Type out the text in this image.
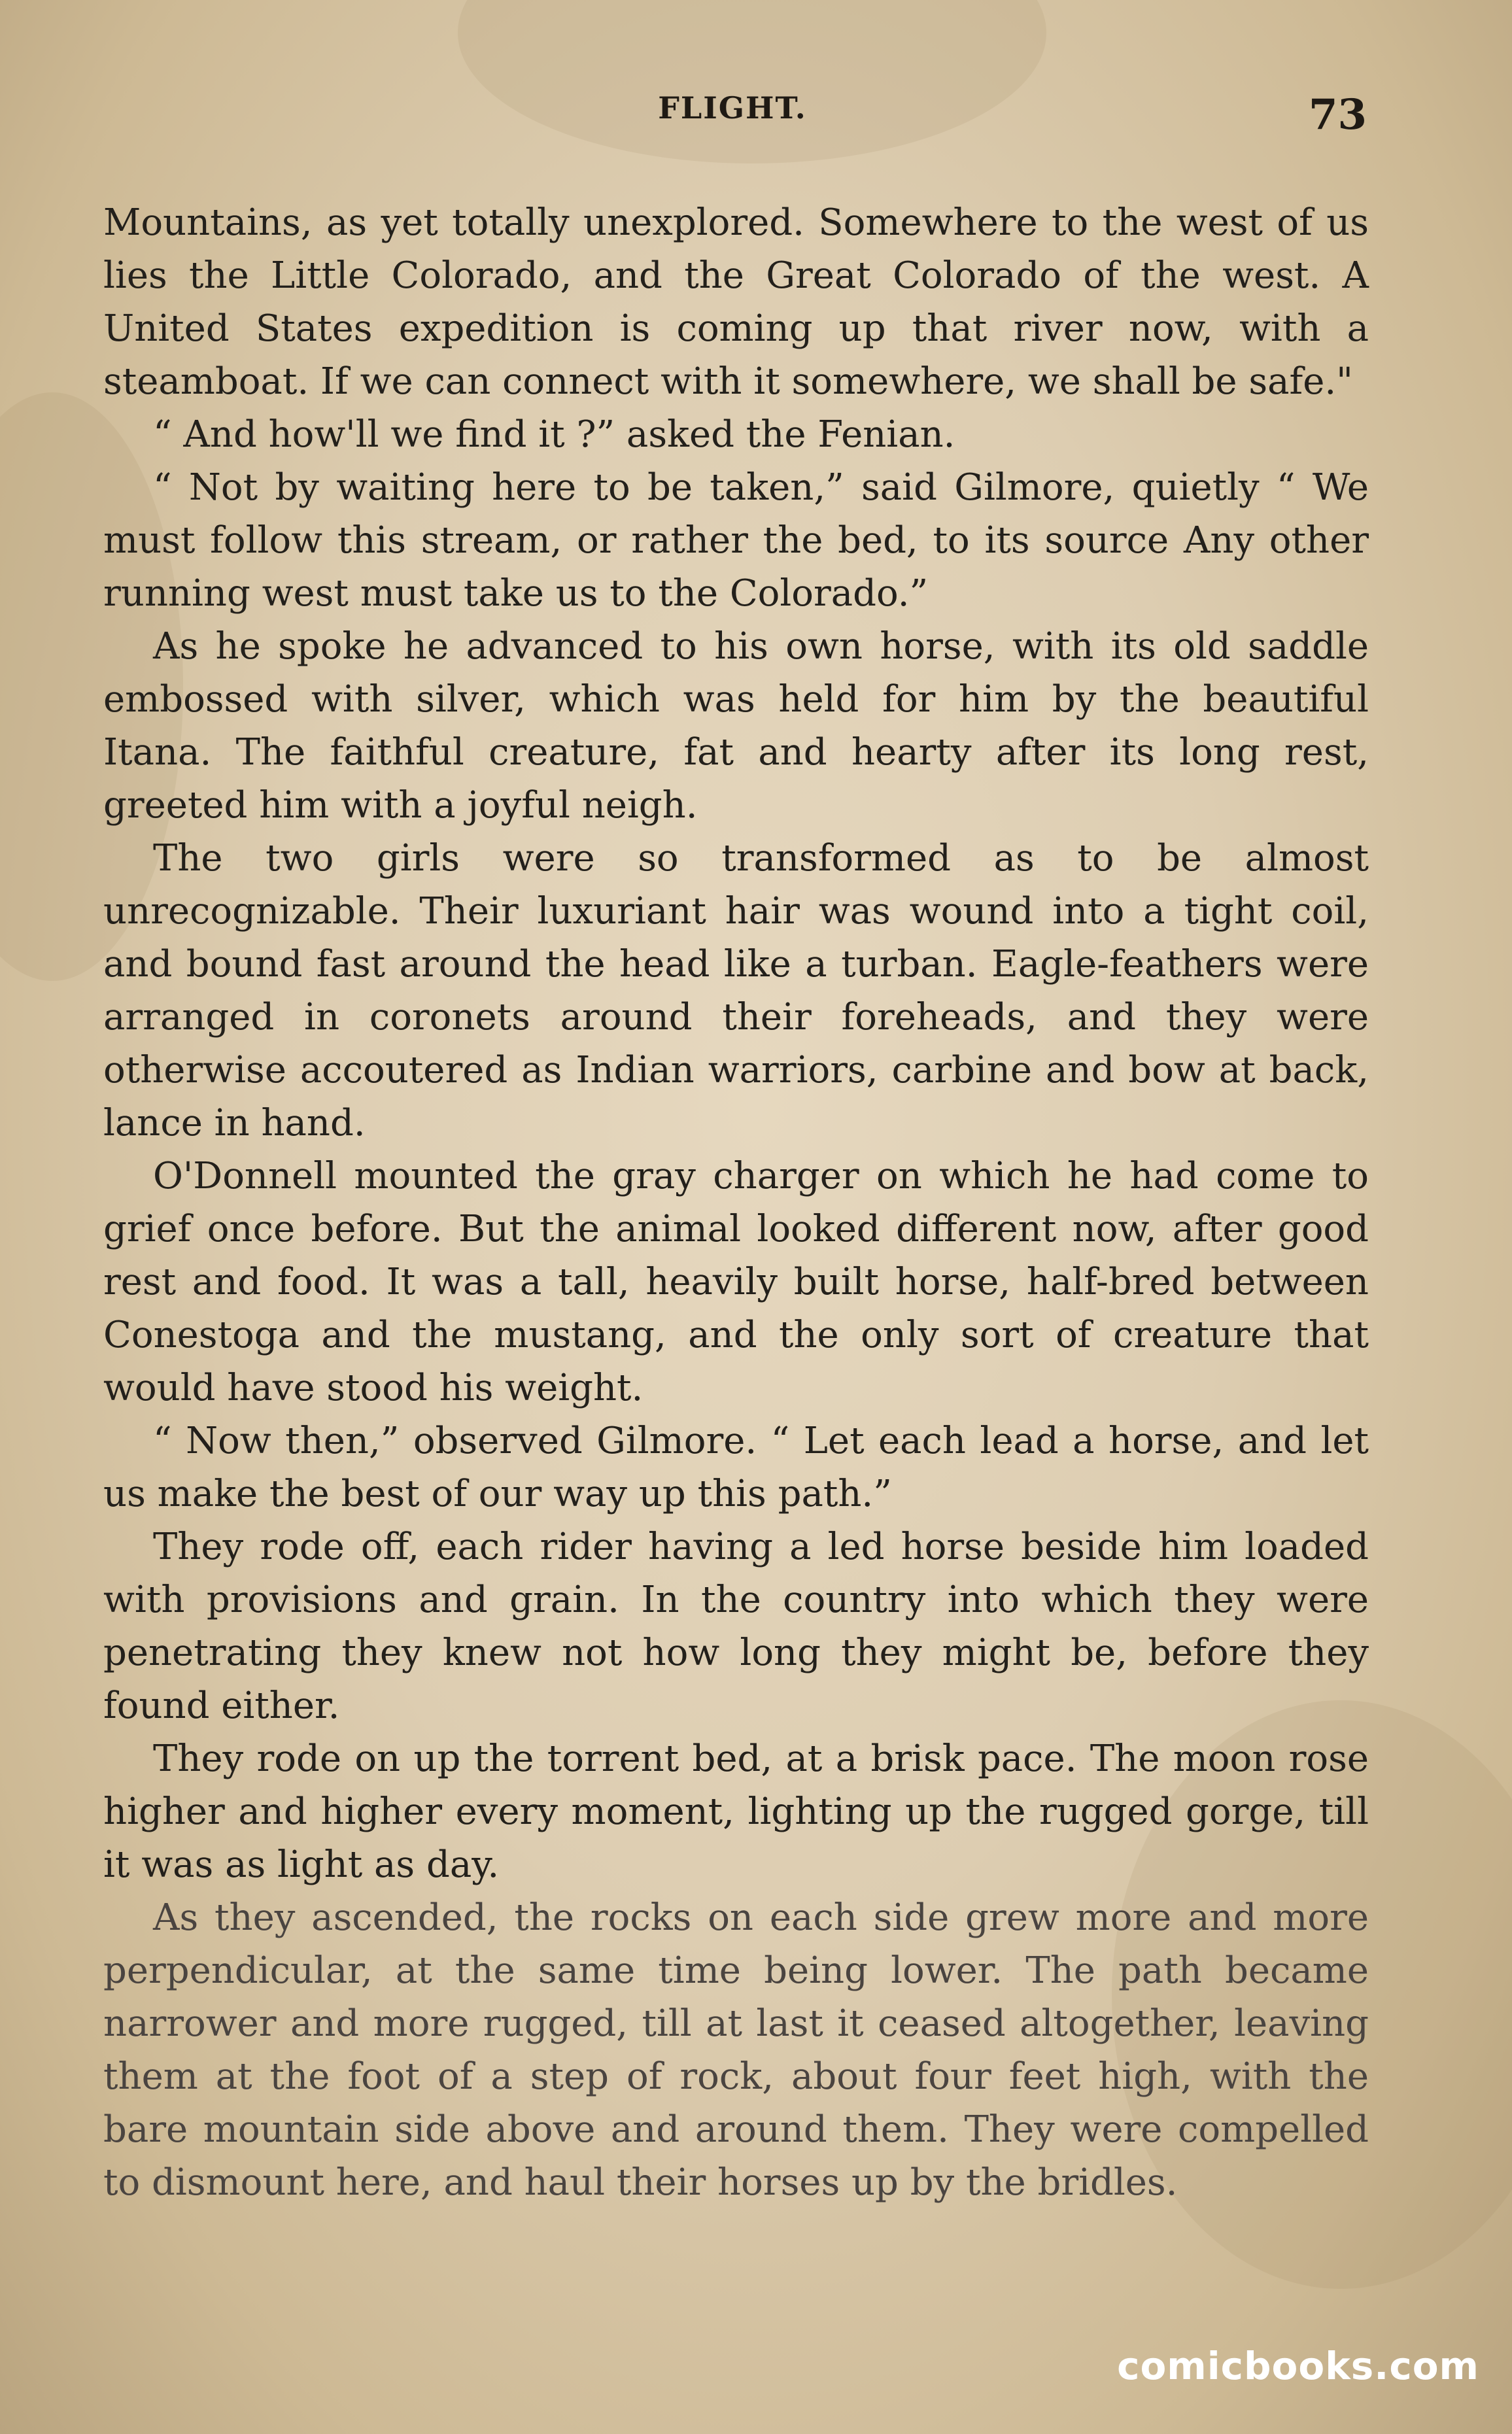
FLIGHT.	73

Mountains, as yet totally unexplored. Somewhere to the west of us lies the Little Colorado, and the Great Colorado of the west. A United States expedition is coming up that river now, with a steamboat. If we can connect with it somewhere, we shall be safe."

“ And how'll we find it ?” asked the Fenian.

“ Not by waiting here to be taken,” said Gilmore, quietly “ We must follow this stream, or rather the bed, to its source Any other running west must take us to the Colorado.”

As he spoke he advanced to his own horse, with its old saddle embossed with silver, which was held for him by the beautiful Itana. The faithful creature, fat and hearty after its long rest, greeted him with a joyful neigh.

The two girls were so transformed as to be almost unrecognizable. Their luxuriant hair was wound into a tight coil, and bound fast around the head like a turban. Eagle-feathers were arranged in coronets around their foreheads, and they were otherwise accoutered as Indian warriors, carbine and bow at back, lance in hand.

O'Donnell mounted the gray charger on which he had come to grief once before. But the animal looked different now, after good rest and food. It was a tall, heavily built horse, half-bred between Conestoga and the mustang, and the only sort of creature that would have stood his weight.

“ Now then,” observed Gilmore. “ Let each lead a horse, and let us make the best of our way up this path.”

They rode off, each rider having a led horse beside him loaded with provisions and grain. In the country into which they were penetrating they knew not how long they might be, before they found either.

They rode on up the torrent bed, at a brisk pace. The moon rose higher and higher every moment, lighting up the rugged gorge, till it was as light as day.

As they ascended, the rocks on each side grew more and more perpendicular, at the same time being lower. The path became narrower and more rugged, till at last it ceased altogether, leaving them at the foot of a step of rock, about four feet high, with the bare mountain side above and around them. They were compelled to dismount here, and haul their horses up by the bridles.

comicbooks.com
